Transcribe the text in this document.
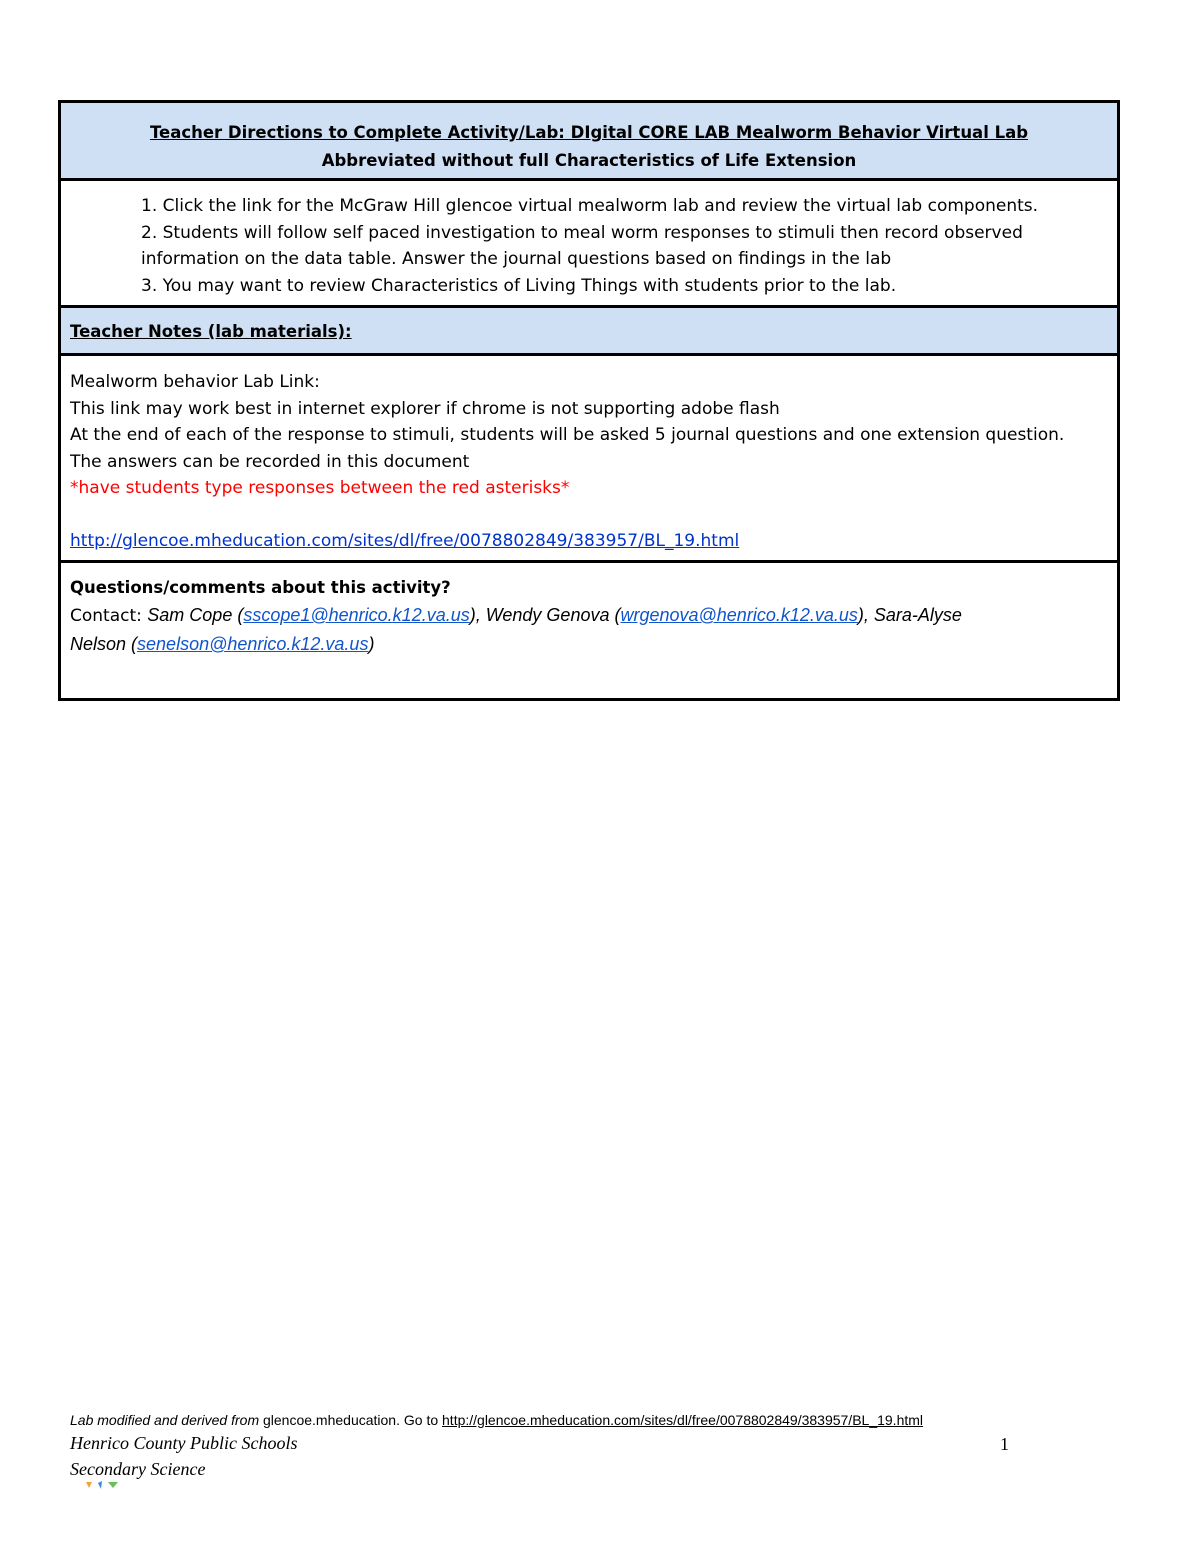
Teacher Directions to Complete Activity/Lab: DIgital CORE LAB Mealworm Behavior Virtual Lab
Abbreviated without full Characteristics of Life Extension
1. Click the link for the McGraw Hill glencoe virtual mealworm lab and review the virtual lab components.
2. Students will follow self paced investigation to meal worm responses to stimuli then record observed
information on the data table. Answer the journal questions based on findings in the lab
3. You may want to review Characteristics of Living Things with students prior to the lab.
Teacher Notes (lab materials):
Mealworm behavior Lab Link:
This link may work best in internet explorer if chrome is not supporting adobe flash
At the end of each of the response to stimuli, students will be asked 5 journal questions and one extension question.
The answers can be recorded in this document
*have students type responses between the red asterisks*
http://glencoe.mheducation.com/sites/dl/free/0078802849/383957/BL_19.html
Questions/comments about this activity?
Contact: Sam Cope (sscope1@henrico.k12.va.us), Wendy Genova (wrgenova@henrico.k12.va.us), Sara-Alyse
Nelson (senelson@henrico.k12.va.us)
Lab modified and derived from glencoe.mheducation. Go to http://glencoe.mheducation.com/sites/dl/free/0078802849/383957/BL_19.html
Henrico County Public Schools
Secondary Science
1
